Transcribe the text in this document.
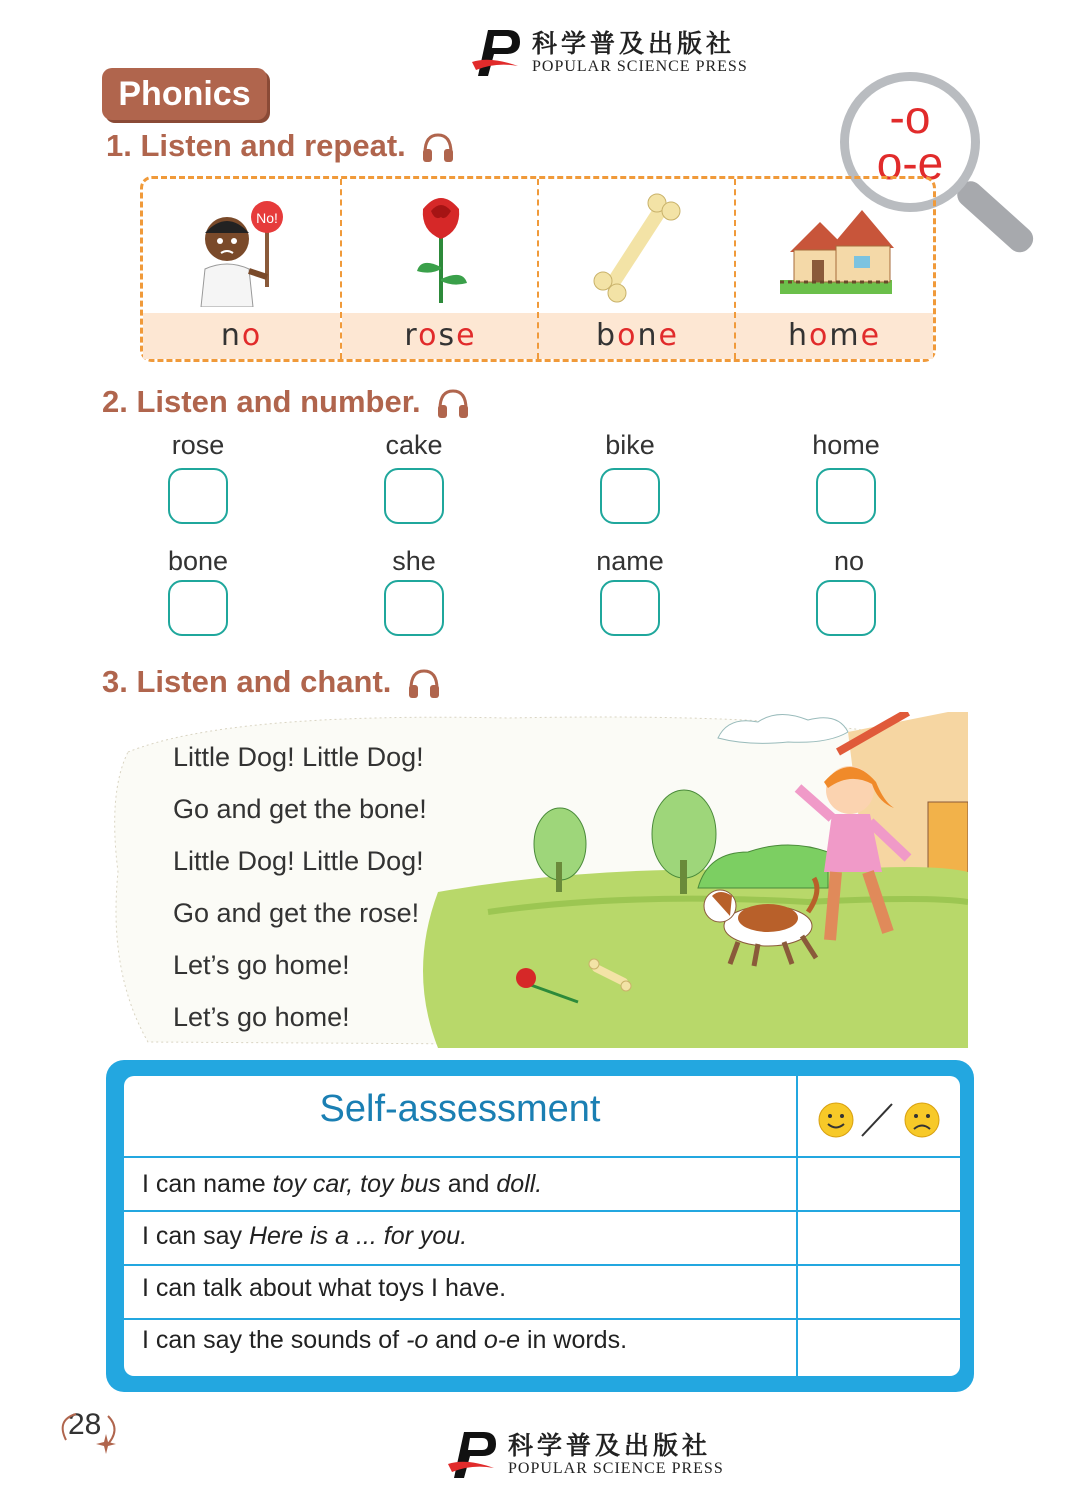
科学普及出版社
POPULAR SCIENCE PRESS
Phonics	-o
o-e
1. Listen and repeat.
No!
no	rose	bone	home
2. Listen and number.
rose	cake	bike	home
bone	she	name	no
3. Listen and chant.
Little Dog! Little Dog!
Go and get the bone!
Little Dog! Little Dog!
Go and get the rose!
Let’s go home!
Let’s go home!
Self-assessment
I can name toy car, toy bus and doll.
I can say Here is a ... for you.
I can talk about what toys I have.
I can say the sounds of -o and o-e in words.
28
科学普及出版社
POPULAR SCIENCE PRESS
